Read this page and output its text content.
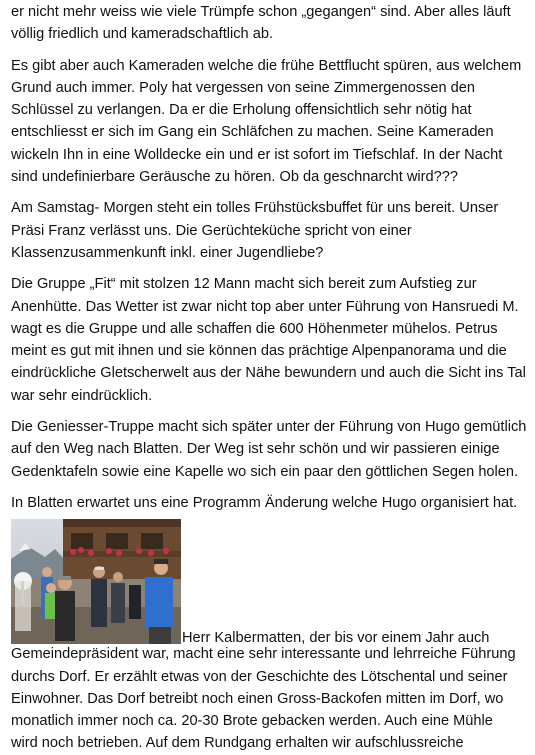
er nicht mehr weiss wie viele Trümpfe schon „gegangen“ sind. Aber alles läuft
völlig friedlich und kameradschaftlich ab.

Es gibt aber auch Kameraden welche die frühe Bettflucht spüren, aus welchem
Grund auch immer. Poly hat vergessen von seine Zimmergenossen den
Schlüssel zu verlangen. Da er die Erholung offensichtlich sehr nötig hat
entschliesst er sich im Gang ein Schläfchen zu machen. Seine Kameraden
wickeln Ihn in eine Wolldecke ein und er ist sofort im Tiefschlaf. In der Nacht
sind undefinierbare Geräusche zu hören. Ob da geschnarcht wird???

Am Samstag- Morgen steht ein tolles Frühstücksbuffet für uns bereit. Unser
Präsi Franz verlässt uns. Die Gerüchteküche spricht von einer
Klassenzusammenkunft inkl. einer Jugendliebe?

Die Gruppe „Fit“ mit stolzen 12 Mann macht sich bereit zum Aufstieg zur
Anenhütte. Das Wetter ist zwar nicht top aber unter Führung von Hansruedi M.
wagt es die Gruppe und alle schaffen die 600 Höhenmeter mühelos. Petrus
meint es gut mit ihnen und sie können das prächtige Alpenpanorama und die
eindrückliche Gletscherwelt aus der Nähe bewundern und auch die Sicht ins Tal
war sehr eindrücklich.

Die Geniesser-Truppe macht sich später unter der Führung von Hugo gemütlich
auf den Weg nach Blatten. Der Weg ist sehr schön und wir passieren einige
Gedenktafeln sowie eine Kapelle wo sich ein paar den göttlichen Segen holen.

In Blatten erwartet uns eine Programm Änderung welche Hugo organisiert hat.

Herr Kalbermatten, der bis vor einem Jahr auch

Gemeindepräsident war, macht eine sehr interessante und lehrreiche Führung
durchs Dorf. Er erzählt etwas von der Geschichte des Lötschental und seiner
Einwohner. Das Dorf betreibt noch einen Gross-Backofen mitten im Dorf, wo
monatlich immer noch ca. 20-30 Brote gebacken werden. Auch eine Mühle
wird noch betrieben. Auf dem Rundgang erhalten wir aufschlussreiche
